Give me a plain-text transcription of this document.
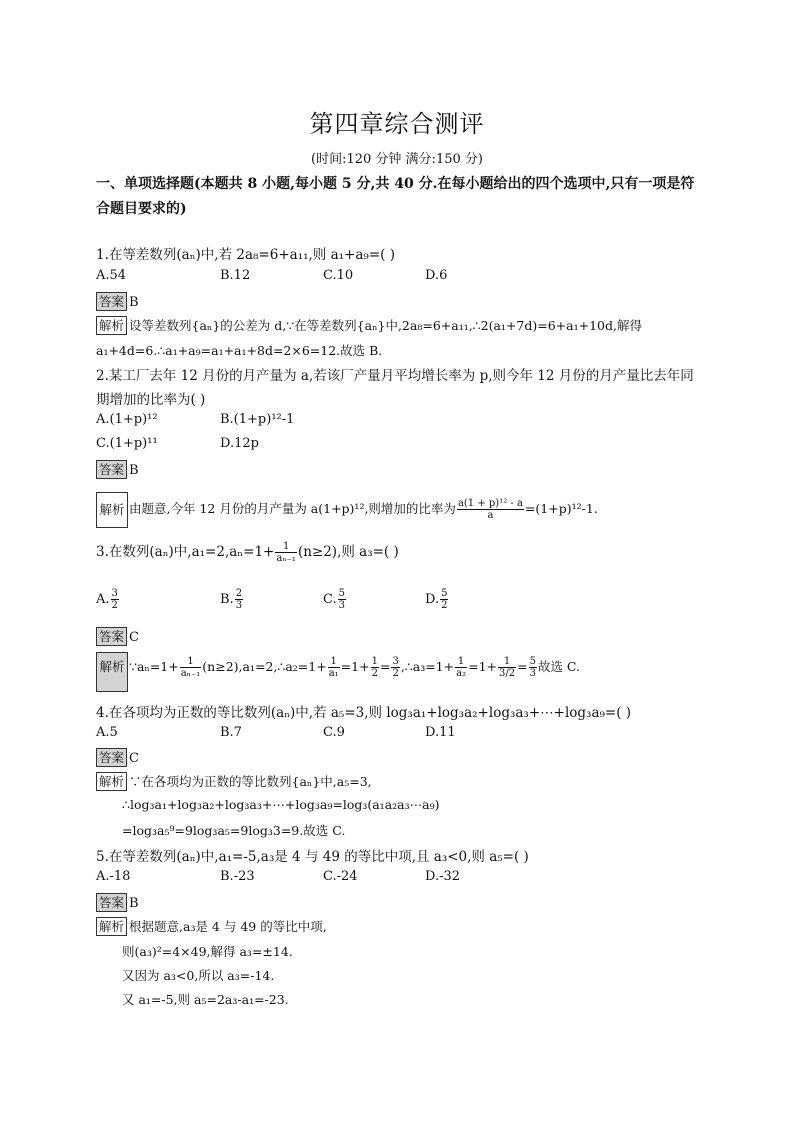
第四章综合测评
(时间:120 分钟 满分:150 分)
一、单项选择题(本题共 8 小题,每小题 5 分,共 40 分.在每小题给出的四个选项中,只有一项是符合题目要求的)
1.在等差数列(aₙ)中,若 2a₈=6+a₁₁,则 a₁+a₉=( )
A.54	B.12	C.10	D.6
答案 B
解析 设等差数列{aₙ}的公差为 d,∵在等差数列{aₙ}中,2a₈=6+a₁₁,∴2(a₁+7d)=6+a₁+10d,解得
a₁+4d=6.∴a₁+a₉=a₁+a₁+8d=2×6=12.故选 B.
2.某工厂去年 12 月份的月产量为 a,若该厂产量月平均增长率为 p,则今年 12 月份的月产量比去年同
期增加的比率为( )
A.(1+p)¹²	B.(1+p)¹²-1
C.(1+p)¹¹	D.12p
答案 B
解析 由题意,今年 12 月份的月产量为 a(1+p)¹²,则增加的比率为 $\frac{\text{a(1 + p)¹² - a}}{a} =(1+p)^{12}-1$.
3.在数列(aₙ)中$,a_1=2,a_n=1+ \frac{1}{\text{aₙ₋₁}} (n\ge 2)$,则 a₃=( )
A. $\frac{3}{2}$	B. $\frac{2}{3}$	C. $\frac{5}{3}$	D. $\frac{5}{2}$
答案 C
解析 ∵aₙ=1+ $\frac{1}{\text{aₙ₋₁}}$ (n≥2),a₁=2,∴a₂=1+ $\frac{1}{\text{a₁}} =1+ \frac{1}{2} = \frac{3}{2}$ ,∴a₃=1+ $\frac{1}{\text{a₂}} =1+ \frac{1}{3/2} = \frac{5}{3}$ 故选 C.
4.在各项均为正数的等比数列(aₙ)中,若 a₅=3,则 log₃a₁+log₃a₂+log₃a₃+⋯+log₃a₉=( )
A.5	B.7	C.9	D.11
答案 C
解析 ∵在各项均为正数的等比数列{aₙ}中,a₅=3,
∴log₃a₁+log₃a₂+log₃a₃+⋯+log₃a₉=log₃(a₁a₂a₃⋯a₉)
=log₃a₅⁹=9log₃a₅=9log₃3=9.故选 C.
5.在等差数列(aₙ)中,a₁=-5,a₃是 4 与 49 的等比中项,且 a₃<0,则 a₅=( )
A.-18	B.-23	C.-24	D.-32
答案 B
解析 根据题意,a₃是 4 与 49 的等比中项,
则(a₃)²=4×49,解得 a₃=±14.
又因为 a₃<0,所以 a₃=-14.
又 a₁=-5,则 a₅=2a₃-a₁=-23.
